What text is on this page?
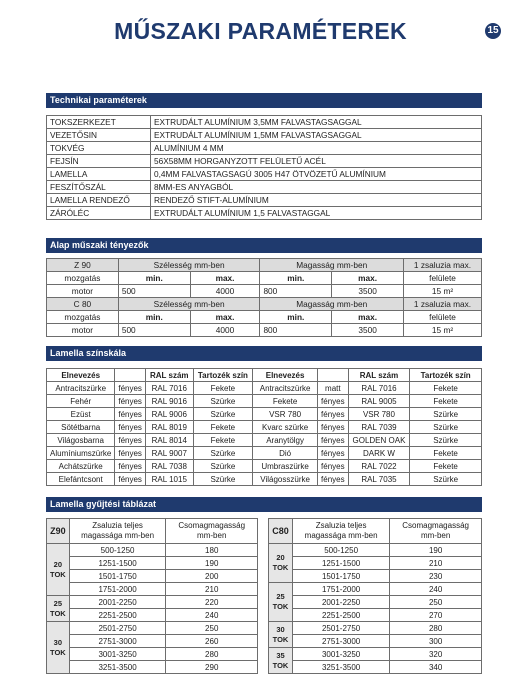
MŰSZAKI PARAMÉTEREK	15
Technikai paraméterek
TOKSZERKEZET	EXTRUDÁLT ALUMÍNIUM 3,5MM FALVASTAGSAGGAL
VEZETŐSIN	EXTRUDÁLT ALUMÍNIUM 1,5MM FALVASTAGSAGGAL
TOKVÉG	ALUMÍNIUM 4 MM
FEJSÍN	56X58MM HORGANYZOTT FELÜLETŰ ACÉL
LAMELLA	0,4MM FALVASTAGSAGÚ 3005 H47 ÖTVÖZETŰ ALUMÍNIUM
FESZÍTŐSZÁL	8MM-ES ANYAGBÓL
LAMELLA RENDEZŐ	RENDEZŐ STIFT-ALUMÍNIUM
ZÁRÓLÉC	EXTRUDÁLT ALUMÍNIUM 1,5 FALVASTAGGAL
Alap műszaki tényezők
Z 90	Szélesség mm-ben		Magasság mm-ben		1 zsaluzia max.
mozgatás	min.	max.	min.	max.	felülete
motor	500	4000	800	3500	15 m²
C 80	Szélesség mm-ben		Magasság mm-ben		1 zsaluzia max.
mozgatás	min.	max.	min.	max.	felülete
motor	500	4000	800	3500	15 m²
Lamella színskála
Elnevezés		RAL szám	Tartozék szín	Elnevezés		RAL szám	Tartozék szín
Antracitszürke	fényes	RAL 7016	Fekete	Antracitszürke	matt	RAL 7016	Fekete
Fehér	fényes	RAL 9016	Szürke	Fekete	fényes	RAL 9005	Fekete
Ezüst	fényes	RAL 9006	Szürke	VSR 780	fényes	VSR 780	Szürke
Sötétbarna	fényes	RAL 8019	Fekete	Kvarc szürke	fényes	RAL 7039	Szürke
Világosbarna	fényes	RAL 8014	Fekete	Aranytölgy	fényes	GOLDEN OAK	Szürke
Alumíniumszürke	fényes	RAL 9007	Szürke	Dió	fényes	DARK W	Fekete
Achátszürke	fényes	RAL 7038	Szürke	Umbraszürke	fényes	RAL 7022	Fekete
Elefántcsont	fényes	RAL 1015	Szürke	Világosszürke	fényes	RAL 7035	Szürke
Lamella gyűjtési táblázat
Z90	Zsaluzia teljes magassága mm-ben	Csomagmagasság mm-ben
20 TOK	500-1250	180
	1251-1500	190
	1501-1750	200
	1751-2000	210
25 TOK	2001-2250	220
	2251-2500	240
30 TOK	2501-2750	250
	2751-3000	260
	3001-3250	280
	3251-3500	290
C80	Zsaluzia teljes magassága mm-ben	Csomagmagasság mm-ben
20 TOK	500-1250	190
	1251-1500	210
	1501-1750	230
25 TOK	1751-2000	240
	2001-2250	250
	2251-2500	270
30 TOK	2501-2750	280
	2751-3000	300
35 TOK	3001-3250	320
	3251-3500	340
